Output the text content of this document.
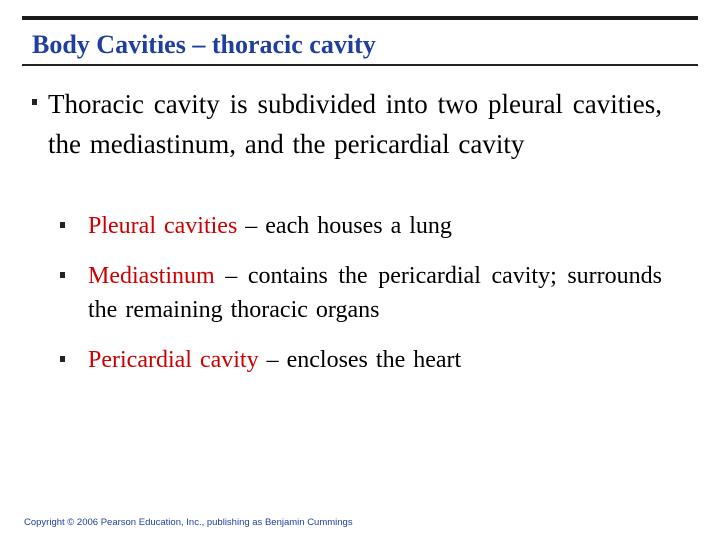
Body Cavities – thoracic cavity

Thoracic cavity is subdivided into two pleural cavities, the mediastinum, and the pericardial cavity

Pleural cavities – each houses a lung

Mediastinum – contains the pericardial cavity; surrounds the remaining thoracic organs

Pericardial cavity – encloses the heart

Copyright © 2006 Pearson Education, Inc., publishing as Benjamin Cummings
